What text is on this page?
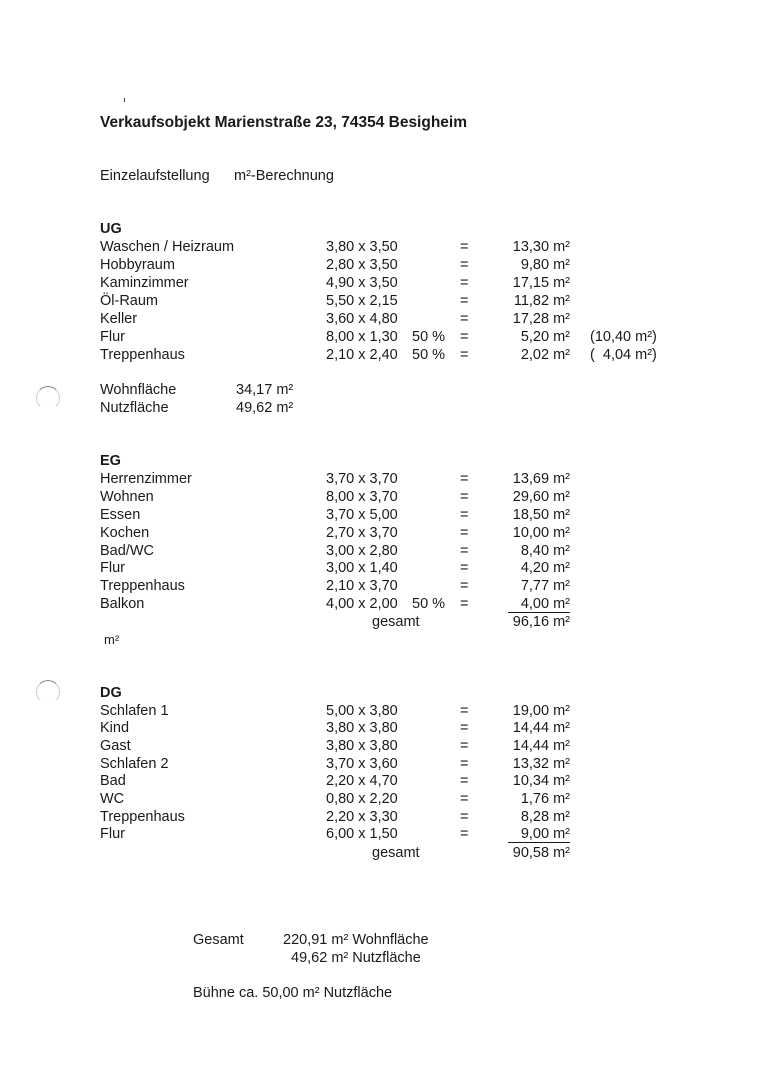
Verkaufsobjekt Marienstraße 23, 74354 Besigheim
Einzelaufstellung m²-Berechnung
UG
Waschen / Heizraum	3,80 x 3,50	=	13,30 m²
Hobbyraum	2,80 x 3,50	=	9,80 m²
Kaminzimmer	4,90 x 3,50	=	17,15 m²
Öl-Raum	5,50 x 2,15	=	11,82 m²
Keller	3,60 x 4,80	=	17,28 m²
Flur	8,00 x 1,30 50 % =	5,20 m² (10,40 m²)
Treppenhaus	2,10 x 2,40 50 % =	2,02 m² (  4,04 m²)
Wohnfläche	34,17 m²
Nutzfläche	49,62 m²
EG
Herrenzimmer	3,70 x 3,70	=	13,69 m²
Wohnen	8,00 x 3,70	=	29,60 m²
Essen	3,70 x 5,00	=	18,50 m²
Kochen	2,70 x 3,70	=	10,00 m²
Bad/WC	3,00 x 2,80	=	8,40 m²
Flur	3,00 x 1,40	=	4,20 m²
Treppenhaus	2,10 x 3,70	=	7,77 m²
Balkon	4,00 x 2,00 50 % =	4,00 m²
gesamt	96,16 m²
m²
DG
Schlafen 1	5,00 x 3,80	=	19,00 m²
Kind	3,80 x 3,80	=	14,44 m²
Gast	3,80 x 3,80	=	14,44 m²
Schlafen 2	3,70 x 3,60	=	13,32 m²
Bad	2,20 x 4,70	=	10,34 m²
WC	0,80 x 2,20	=	1,76 m²
Treppenhaus	2,20 x 3,30	=	8,28 m²
Flur	6,00 x 1,50	=	9,00 m²
gesamt	90,58 m²
Gesamt	220,91 m² Wohnfläche
49,62 m² Nutzfläche
Bühne ca. 50,00 m² Nutzfläche
